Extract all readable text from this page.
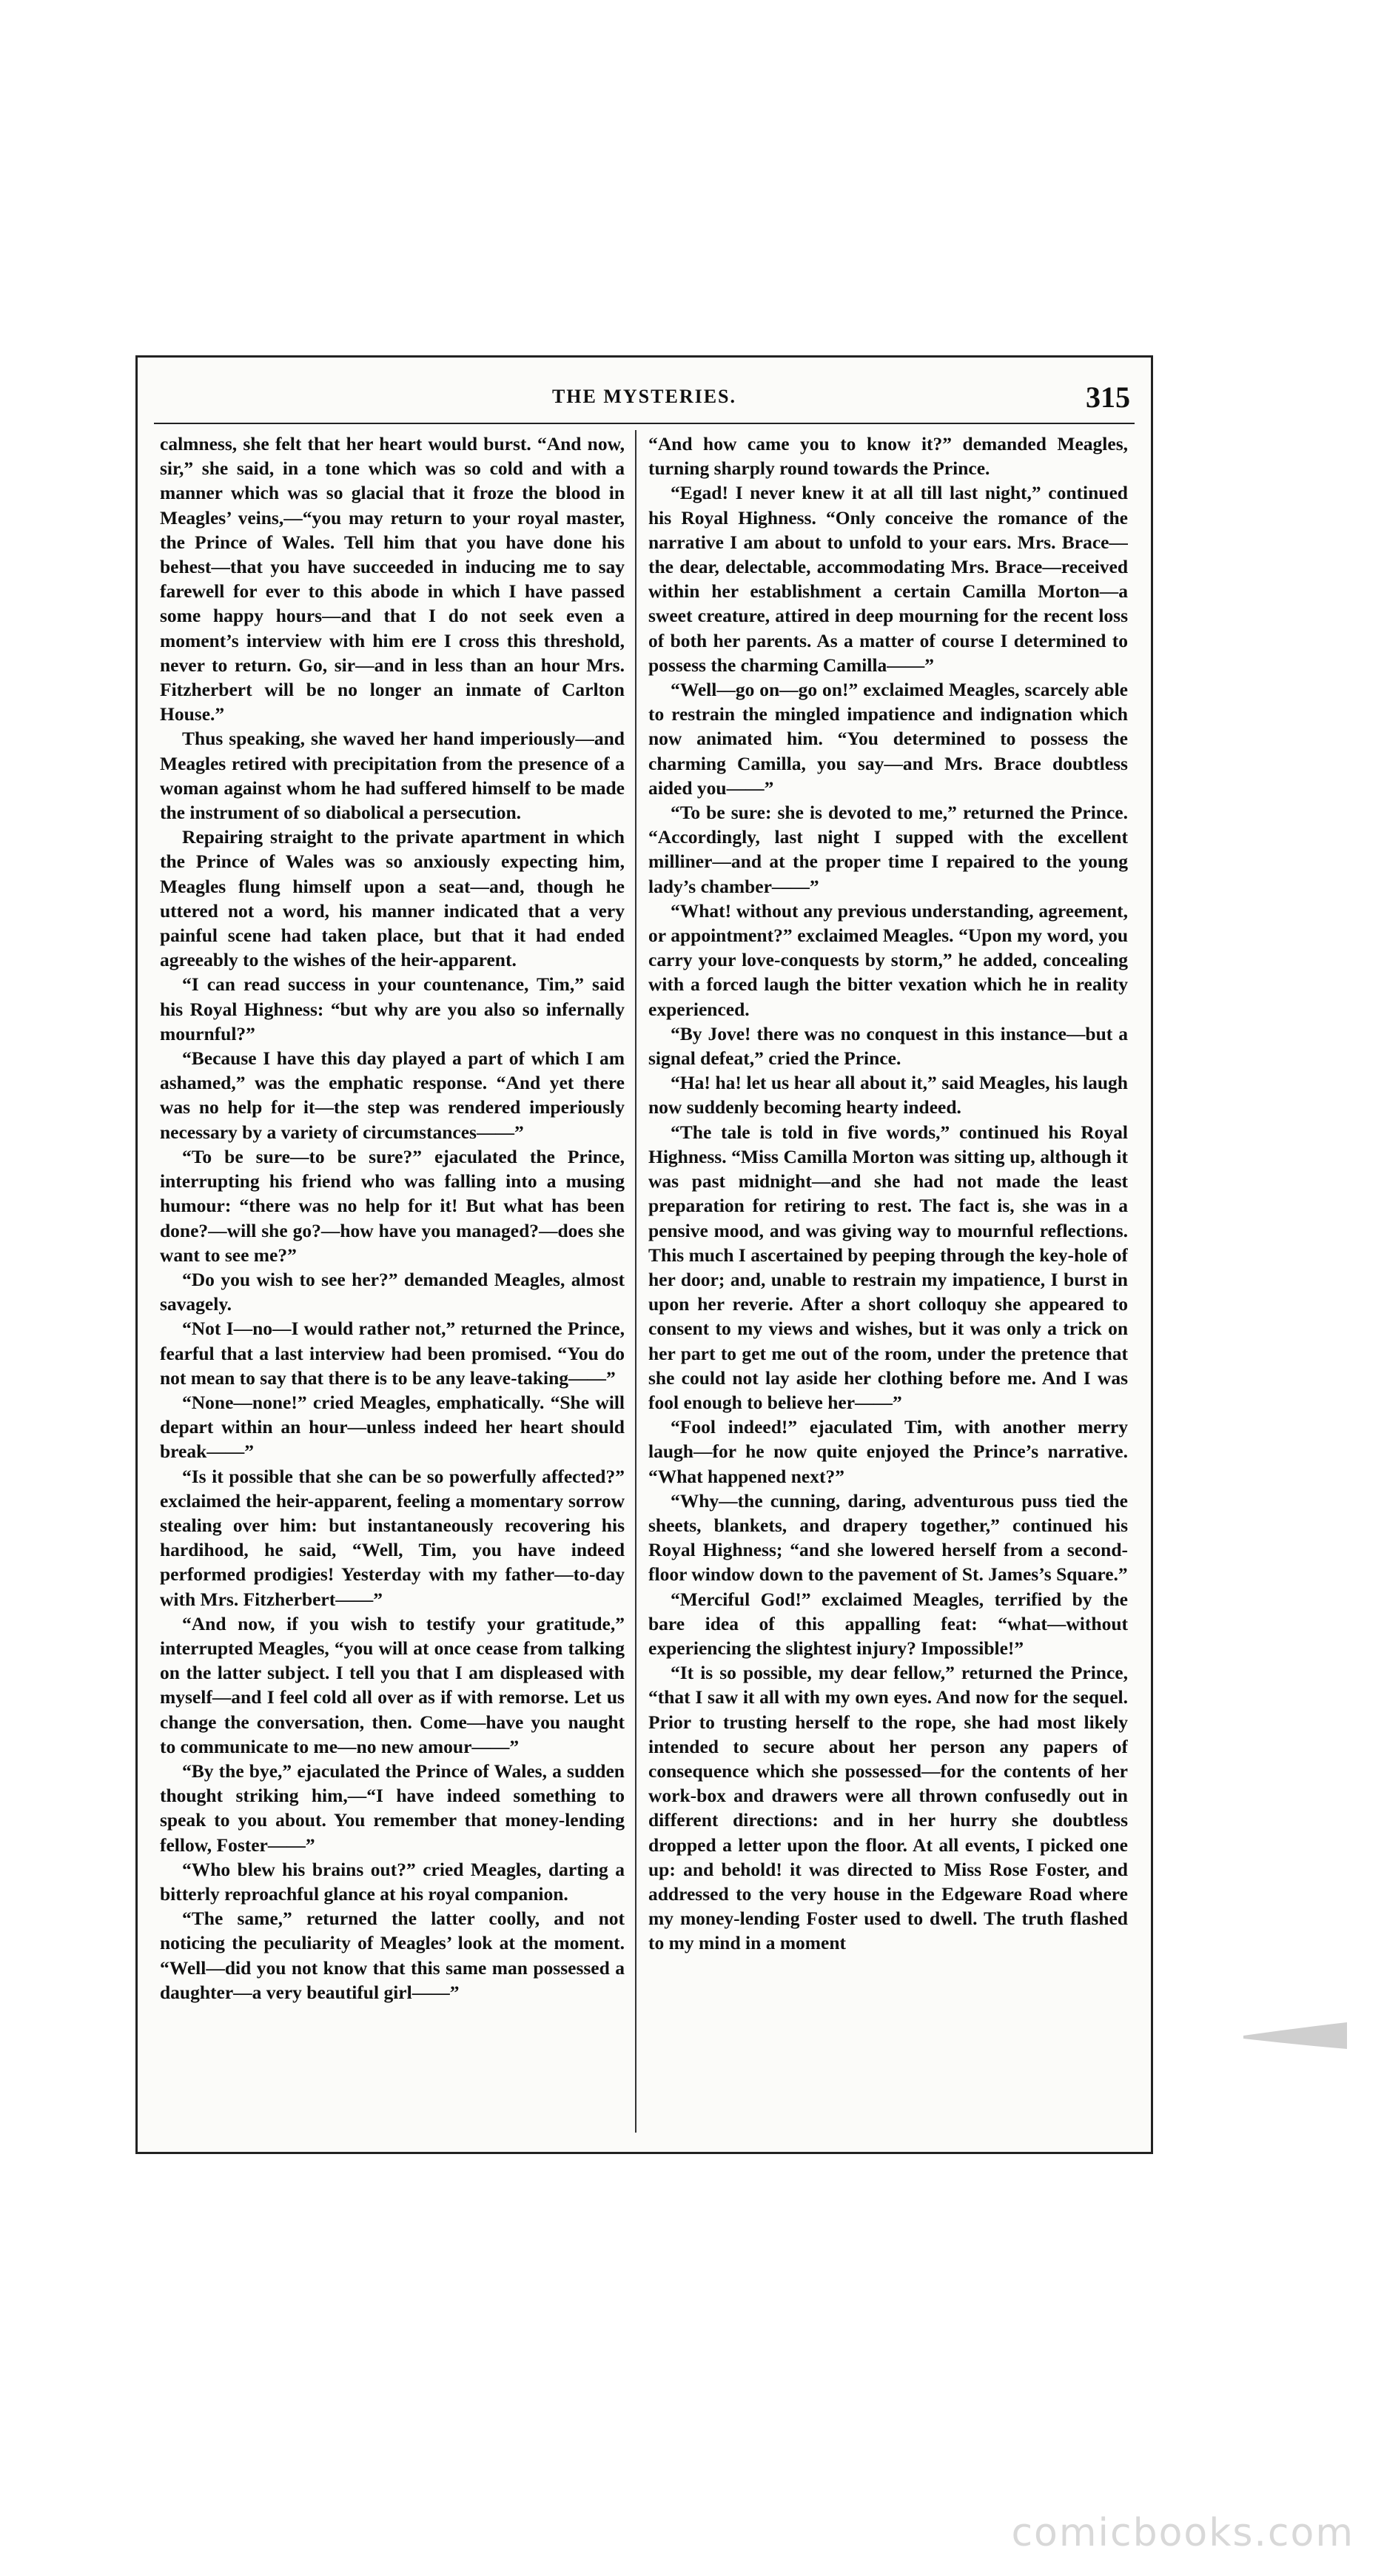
THE MYSTERIES.	315

calmness, she felt that her heart would burst. “And now, sir,” she said, in a tone which was so cold and with a manner which was so glacial that it froze the blood in Meagles’ veins,—“you may return to your royal master, the Prince of Wales. Tell him that you have done his behest—that you have succeeded in inducing me to say farewell for ever to this abode in which I have passed some happy hours—and that I do not seek even a moment’s interview with him ere I cross this threshold, never to return. Go, sir—and in less than an hour Mrs. Fitzherbert will be no longer an inmate of Carlton House.”

Thus speaking, she waved her hand imperiously—and Meagles retired with precipitation from the presence of a woman against whom he had suffered himself to be made the instrument of so diabolical a persecution.

Repairing straight to the private apartment in which the Prince of Wales was so anxiously expecting him, Meagles flung himself upon a seat—and, though he uttered not a word, his manner indicated that a very painful scene had taken place, but that it had ended agreeably to the wishes of the heir-apparent.

“I can read success in your countenance, Tim,” said his Royal Highness: “but why are you also so infernally mournful?”

“Because I have this day played a part of which I am ashamed,” was the emphatic response. “And yet there was no help for it—the step was rendered imperiously necessary by a variety of circumstances——”

“To be sure—to be sure?” ejaculated the Prince, interrupting his friend who was falling into a musing humour: “there was no help for it! But what has been done?—will she go?—how have you managed?—does she want to see me?”

“Do you wish to see her?” demanded Meagles, almost savagely.

“Not I—no—I would rather not,” returned the Prince, fearful that a last interview had been promised. “You do not mean to say that there is to be any leave-taking——”

“None—none!” cried Meagles, emphatically. “She will depart within an hour—unless indeed her heart should break——”

“Is it possible that she can be so powerfully affected?” exclaimed the heir-apparent, feeling a momentary sorrow stealing over him: but instantaneously recovering his hardihood, he said, “Well, Tim, you have indeed performed prodigies! Yesterday with my father—to-day with Mrs. Fitzherbert——”

“And now, if you wish to testify your gratitude,” interrupted Meagles, “you will at once cease from talking on the latter subject. I tell you that I am displeased with myself—and I feel cold all over as if with remorse. Let us change the conversation, then. Come—have you naught to communicate to me—no new amour——”

“By the bye,” ejaculated the Prince of Wales, a sudden thought striking him,—“I have indeed something to speak to you about. You remember that money-lending fellow, Foster——”

“Who blew his brains out?” cried Meagles, darting a bitterly reproachful glance at his royal companion.

“The same,” returned the latter coolly, and not noticing the peculiarity of Meagles’ look at the moment. “Well—did you not know that this same man possessed a daughter—a very beautiful girl——”

“And how came you to know it?” demanded Meagles, turning sharply round towards the Prince.

“Egad! I never knew it at all till last night,” continued his Royal Highness. “Only conceive the romance of the narrative I am about to unfold to your ears. Mrs. Brace—the dear, delectable, accommodating Mrs. Brace—received within her establishment a certain Camilla Morton—a sweet creature, attired in deep mourning for the recent loss of both her parents. As a matter of course I determined to possess the charming Camilla——”

“Well—go on—go on!” exclaimed Meagles, scarcely able to restrain the mingled impatience and indignation which now animated him. “You determined to possess the charming Camilla, you say—and Mrs. Brace doubtless aided you——”

“To be sure: she is devoted to me,” returned the Prince. “Accordingly, last night I supped with the excellent milliner—and at the proper time I repaired to the young lady’s chamber——”

“What! without any previous understanding, agreement, or appointment?” exclaimed Meagles. “Upon my word, you carry your love-conquests by storm,” he added, concealing with a forced laugh the bitter vexation which he in reality experienced.

“By Jove! there was no conquest in this instance—but a signal defeat,” cried the Prince.

“Ha! ha! let us hear all about it,” said Meagles, his laugh now suddenly becoming hearty indeed.

“The tale is told in five words,” continued his Royal Highness. “Miss Camilla Morton was sitting up, although it was past midnight—and she had not made the least preparation for retiring to rest. The fact is, she was in a pensive mood, and was giving way to mournful reflections. This much I ascertained by peeping through the key-hole of her door; and, unable to restrain my impatience, I burst in upon her reverie. After a short colloquy she appeared to consent to my views and wishes, but it was only a trick on her part to get me out of the room, under the pretence that she could not lay aside her clothing before me. And I was fool enough to believe her——”

“Fool indeed!” ejaculated Tim, with another merry laugh—for he now quite enjoyed the Prince’s narrative. “What happened next?”

“Why—the cunning, daring, adventurous puss tied the sheets, blankets, and drapery together,” continued his Royal Highness; “and she lowered herself from a second-floor window down to the pavement of St. James’s Square.”

“Merciful God!” exclaimed Meagles, terrified by the bare idea of this appalling feat: “what—without experiencing the slightest injury? Impossible!”

“It is so possible, my dear fellow,” returned the Prince, “that I saw it all with my own eyes. And now for the sequel. Prior to trusting herself to the rope, she had most likely intended to secure about her person any papers of consequence which she possessed—for the contents of her work-box and drawers were all thrown confusedly out in different directions: and in her hurry she doubtless dropped a letter upon the floor. At all events, I picked one up: and behold! it was directed to Miss Rose Foster, and addressed to the very house in the Edgeware Road where my money-lending Foster used to dwell. The truth flashed to my mind in a moment

comicbooks.com
